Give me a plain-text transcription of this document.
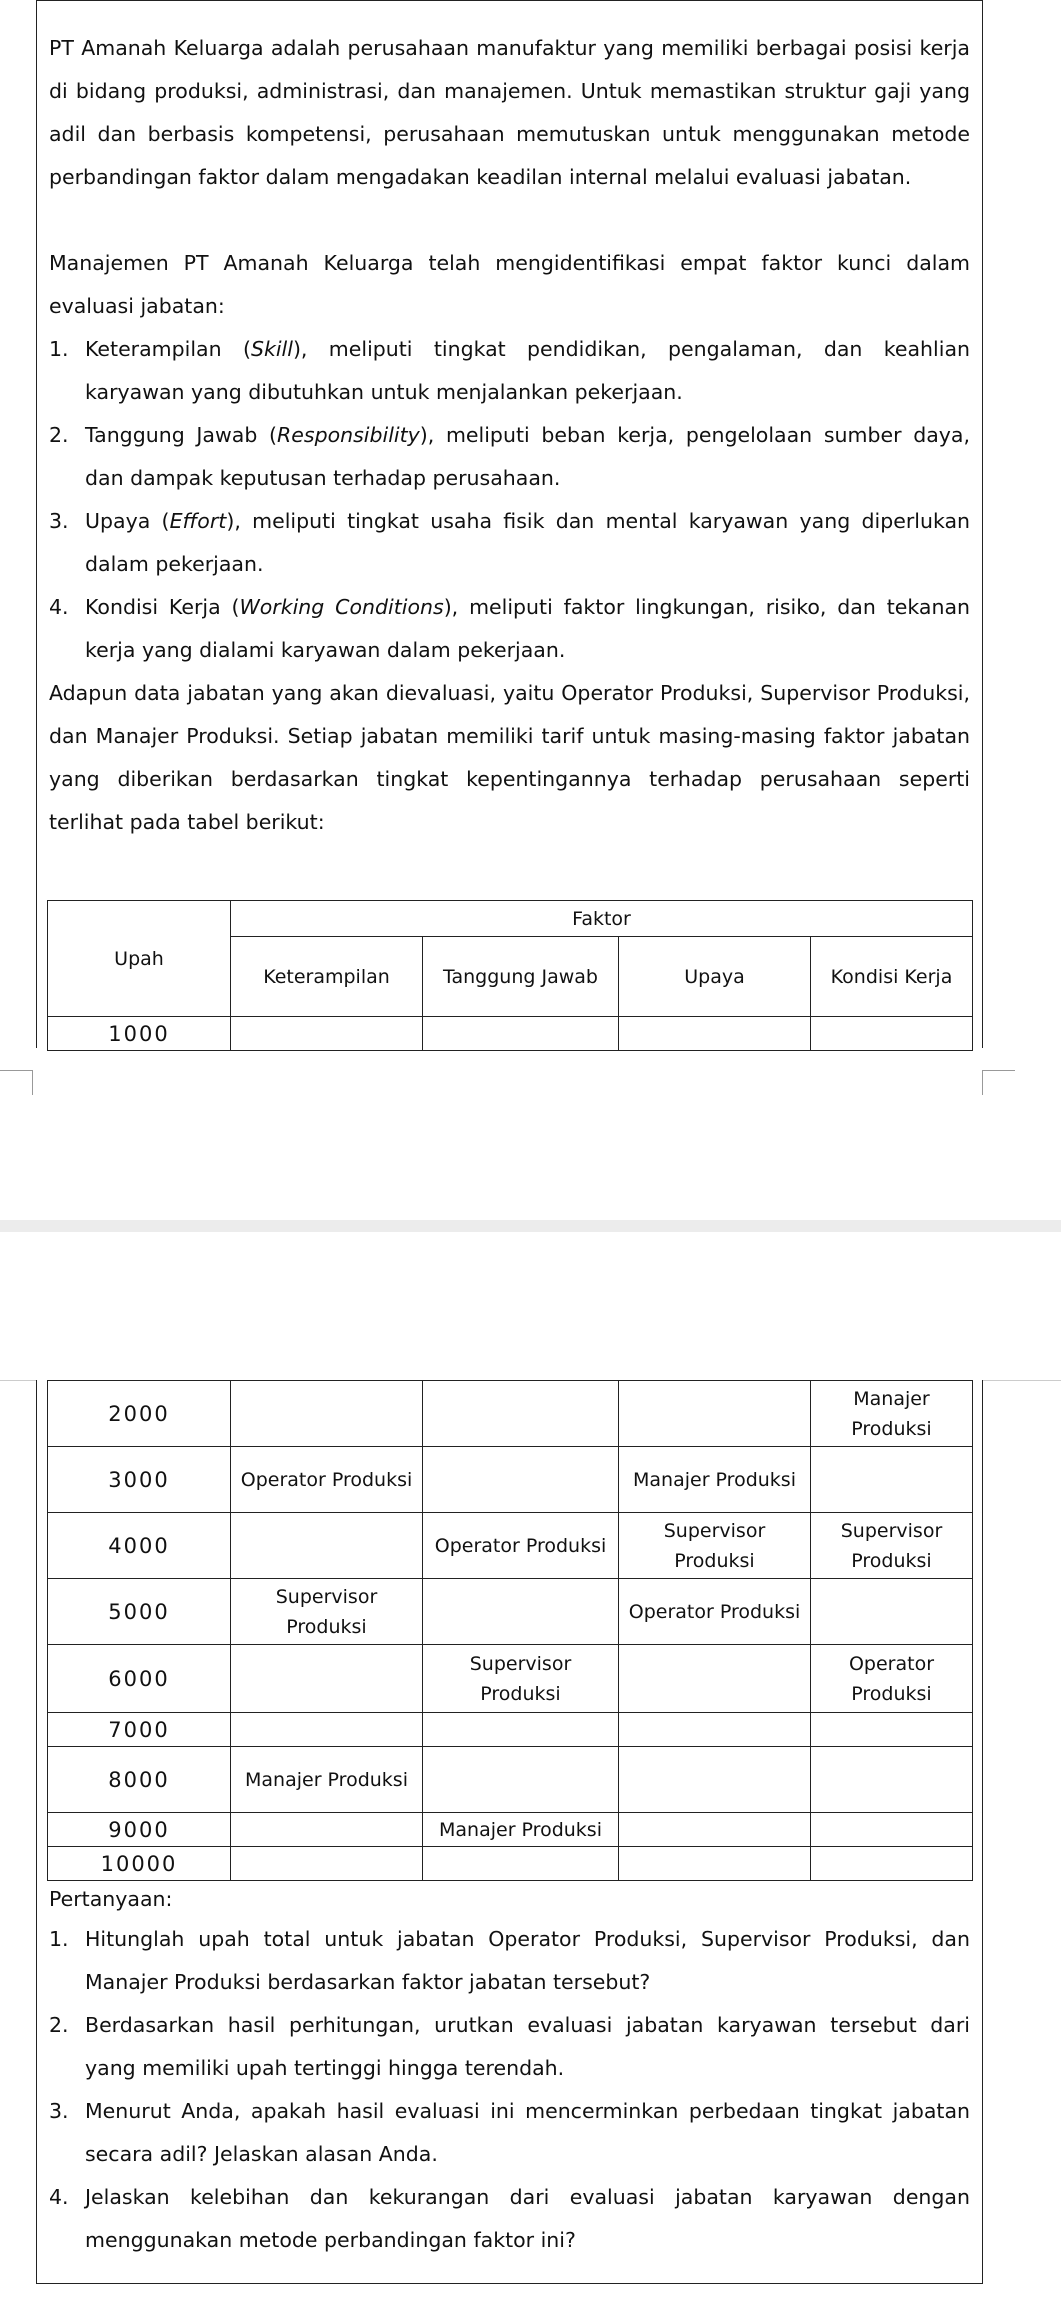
PT Amanah Keluarga adalah perusahaan manufaktur yang memiliki berbagai posisi kerja di bidang produksi, administrasi, dan manajemen. Untuk memastikan struktur gaji yang adil dan berbasis kompetensi, perusahaan memutuskan untuk menggunakan metode perbandingan faktor dalam mengadakan keadilan internal melalui evaluasi jabatan.

Manajemen PT Amanah Keluarga telah mengidentifikasi empat faktor kunci dalam evaluasi jabatan:

1. Keterampilan (Skill), meliputi tingkat pendidikan, pengalaman, dan keahlian karyawan yang dibutuhkan untuk menjalankan pekerjaan.
2. Tanggung Jawab (Responsibility), meliputi beban kerja, pengelolaan sumber daya, dan dampak keputusan terhadap perusahaan.
3. Upaya (Effort), meliputi tingkat usaha fisik dan mental karyawan yang diperlukan dalam pekerjaan.
4. Kondisi Kerja (Working Conditions), meliputi faktor lingkungan, risiko, dan tekanan kerja yang dialami karyawan dalam pekerjaan.

Adapun data jabatan yang akan dievaluasi, yaitu Operator Produksi, Supervisor Produksi, dan Manajer Produksi. Setiap jabatan memiliki tarif untuk masing-masing faktor jabatan yang diberikan berdasarkan tingkat kepentingannya terhadap perusahaan seperti terlihat pada tabel berikut:

Upah	Faktor			
	Keterampilan	Tanggung Jawab	Upaya	Kondisi Kerja
1000				
2000				Manajer Produksi
3000	Operator Produksi		Manajer Produksi	
4000		Operator Produksi	Supervisor Produksi	Supervisor Produksi
5000	Supervisor Produksi		Operator Produksi	
6000		Supervisor Produksi		Operator Produksi
7000				
8000	Manajer Produksi			
9000		Manajer Produksi		
10000				

Pertanyaan:

1. Hitunglah upah total untuk jabatan Operator Produksi, Supervisor Produksi, dan Manajer Produksi berdasarkan faktor jabatan tersebut?
2. Berdasarkan hasil perhitungan, urutkan evaluasi jabatan karyawan tersebut dari yang memiliki upah tertinggi hingga terendah.
3. Menurut Anda, apakah hasil evaluasi ini mencerminkan perbedaan tingkat jabatan secara adil? Jelaskan alasan Anda.
4. Jelaskan kelebihan dan kekurangan dari evaluasi jabatan karyawan dengan menggunakan metode perbandingan faktor ini?
